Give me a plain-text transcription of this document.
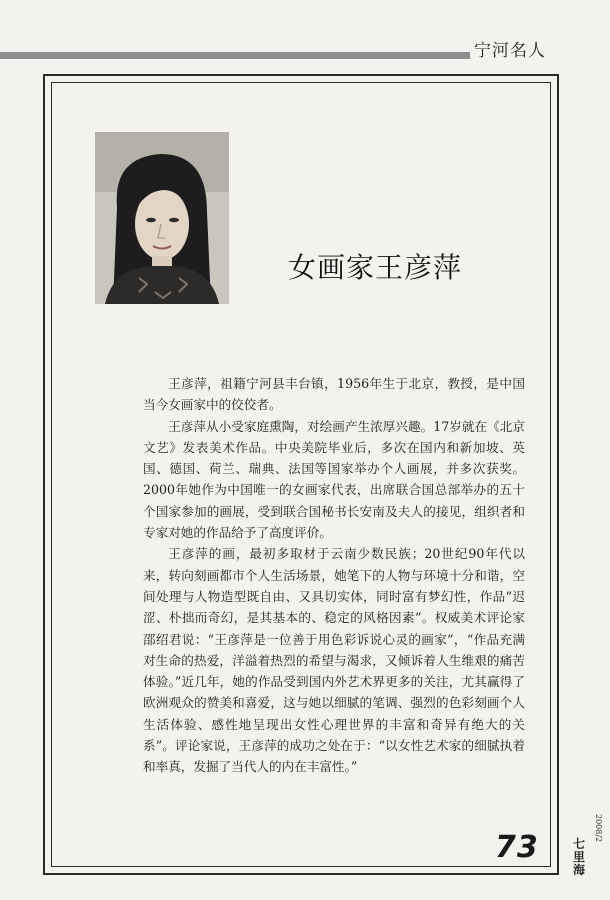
宁河名人
女画家王彦萍

王彦萍，祖籍宁河县丰台镇，1956年生于北京，教授，是中国当今女画家中的佼佼者。

王彦萍从小受家庭熏陶，对绘画产生浓厚兴趣。17岁就在《北京文艺》发表美术作品。中央美院毕业后，多次在国内和新加坡、英国、德国、荷兰、瑞典、法国等国家举办个人画展，并多次获奖。2000年她作为中国唯一的女画家代表，出席联合国总部举办的五十个国家参加的画展，受到联合国秘书长安南及夫人的接见，组织者和专家对她的作品给予了高度评价。

王彦萍的画，最初多取材于云南少数民族；20世纪90年代以来，转向刻画都市个人生活场景，她笔下的人物与环境十分和谐，空间处理与人物造型既自由、又具切实体，同时富有梦幻性，作品“迟涩、朴拙而奇幻，是其基本的、稳定的风格因素”。权威美术评论家邵绍君说：“王彦萍是一位善于用色彩诉说心灵的画家”，“作品充满对生命的热爱，洋溢着热烈的希望与渴求，又倾诉着人生维艰的痛苦体验。”近几年，她的作品受到国内外艺术界更多的关注，尤其赢得了欧洲观众的赞美和喜爱，这与她以细腻的笔调、强烈的色彩刻画个人生活体验、感性地呈现出女性心理世界的丰富和奇异有绝大的关系”。评论家说，王彦萍的成功之处在于：“以女性艺术家的细腻执着和率真，发掘了当代人的内在丰富性。”

七里海
2008/2
73
